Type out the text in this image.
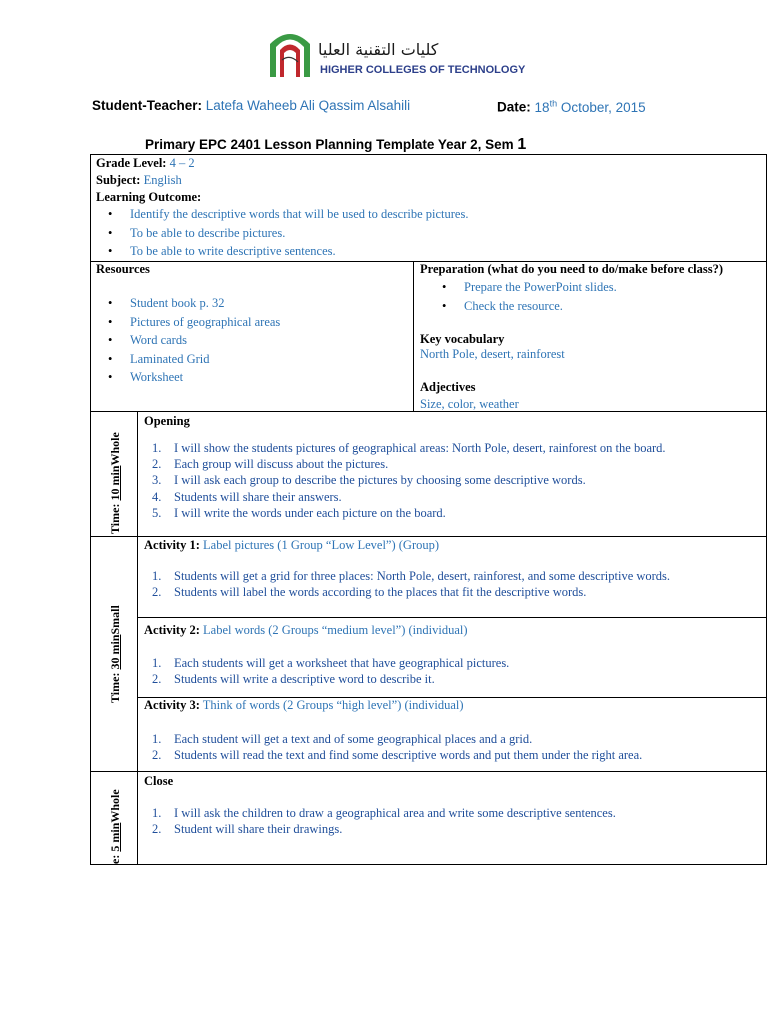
كليات التقنية العليا
HIGHER COLLEGES OF TECHNOLOGY
Student-Teacher: Latefa Waheeb Ali Qassim Alsahili	Date: 18th October, 2015
Primary EPC 2401 Lesson Planning Template Year 2, Sem 1
Grade Level: 4 – 2
Subject: English
Learning Outcome:
• Identify the descriptive words that will be used to describe pictures.
• To be able to describe pictures.
• To be able to write descriptive sentences.
Resources
• Student book p. 32
• Pictures of geographical areas
• Word cards
• Laminated Grid
• Worksheet
Preparation (what do you need to do/make before class?)
• Prepare the PowerPoint slides.
• Check the resource.
Key vocabulary
North Pole, desert, rainforest
Adjectives
Size, color, weather
Time: 10 minWhole
Opening
1. I will show the students pictures of geographical areas: North Pole, desert, rainforest on the board.
2. Each group will discuss about the pictures.
3. I will ask each group to describe the pictures by choosing some descriptive words.
4. Students will share their answers.
5. I will write the words under each picture on the board.
Time: 30 minSmall
Activity 1: Label pictures (1 Group “Low Level”) (Group)
1. Students will get a grid for three places: North Pole, desert, rainforest, and some descriptive words.
2. Students will label the words according to the places that fit the descriptive words.
Activity 2: Label words (2 Groups “medium level”) (individual)
1. Each students will get a worksheet that have geographical pictures.
2. Students will write a descriptive word to describe it.
Activity 3: Think of words (2 Groups “high level”) (individual)
1. Each student will get a text and of some geographical places and a grid.
2. Students will read the text and find some descriptive words and put them under the right area.
e: 5 minWhole
Close
1. I will ask the children to draw a geographical area and write some descriptive sentences.
2. Student will share their drawings.
